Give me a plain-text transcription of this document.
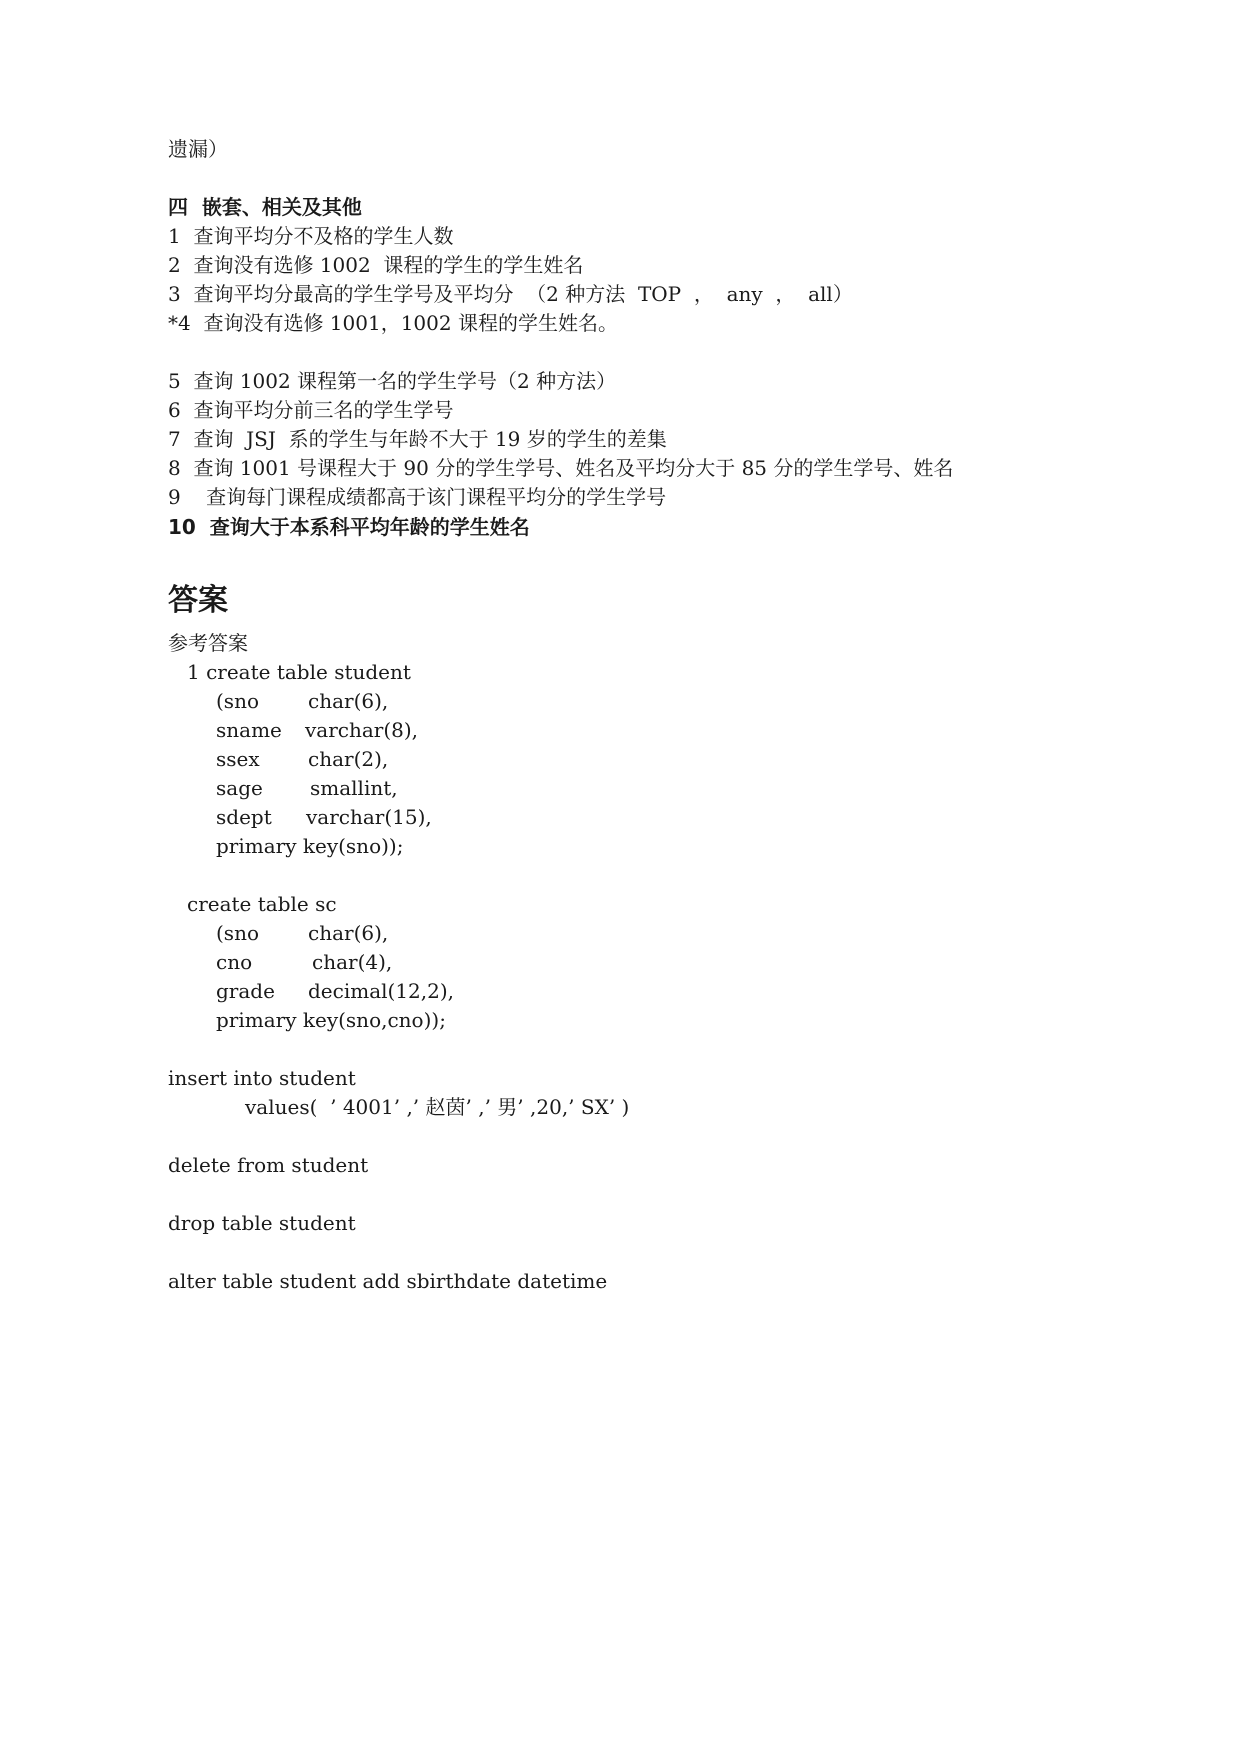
遗漏）
四  嵌套、相关及其他
1  查询平均分不及格的学生人数
2  查询没有选修 1002  课程的学生的学生姓名
3  查询平均分最高的学生学号及平均分  （2 种方法  TOP  ，  any  ，  all）
*4  查询没有选修 1001，1002 课程的学生姓名。
5  查询 1002 课程第一名的学生学号（2 种方法）
6  查询平均分前三名的学生学号
7  查询  JSJ  系的学生与年龄不大于 19 岁的学生的差集
8  查询 1001 号课程大于 90 分的学生学号、姓名及平均分大于 85 分的学生学号、姓名
9    查询每门课程成绩都高于该门课程平均分的学生学号
10  查询大于本系科平均年龄的学生姓名
答案
参考答案
1 create table student
(sno char(6),
sname varchar(8),
ssex char(2),
sage smallint,
sdept varchar(15),
primary key(sno));
create table sc
(sno char(6),
cno	char(4),
grade decimal(12,2),
primary key(sno,cno));
insert into student
values(  ’ 4001’ ,’ 赵茵’ ,’ 男’ ,20,’ SX’ )
delete from student
drop table student
alter table student add sbirthdate datetime
